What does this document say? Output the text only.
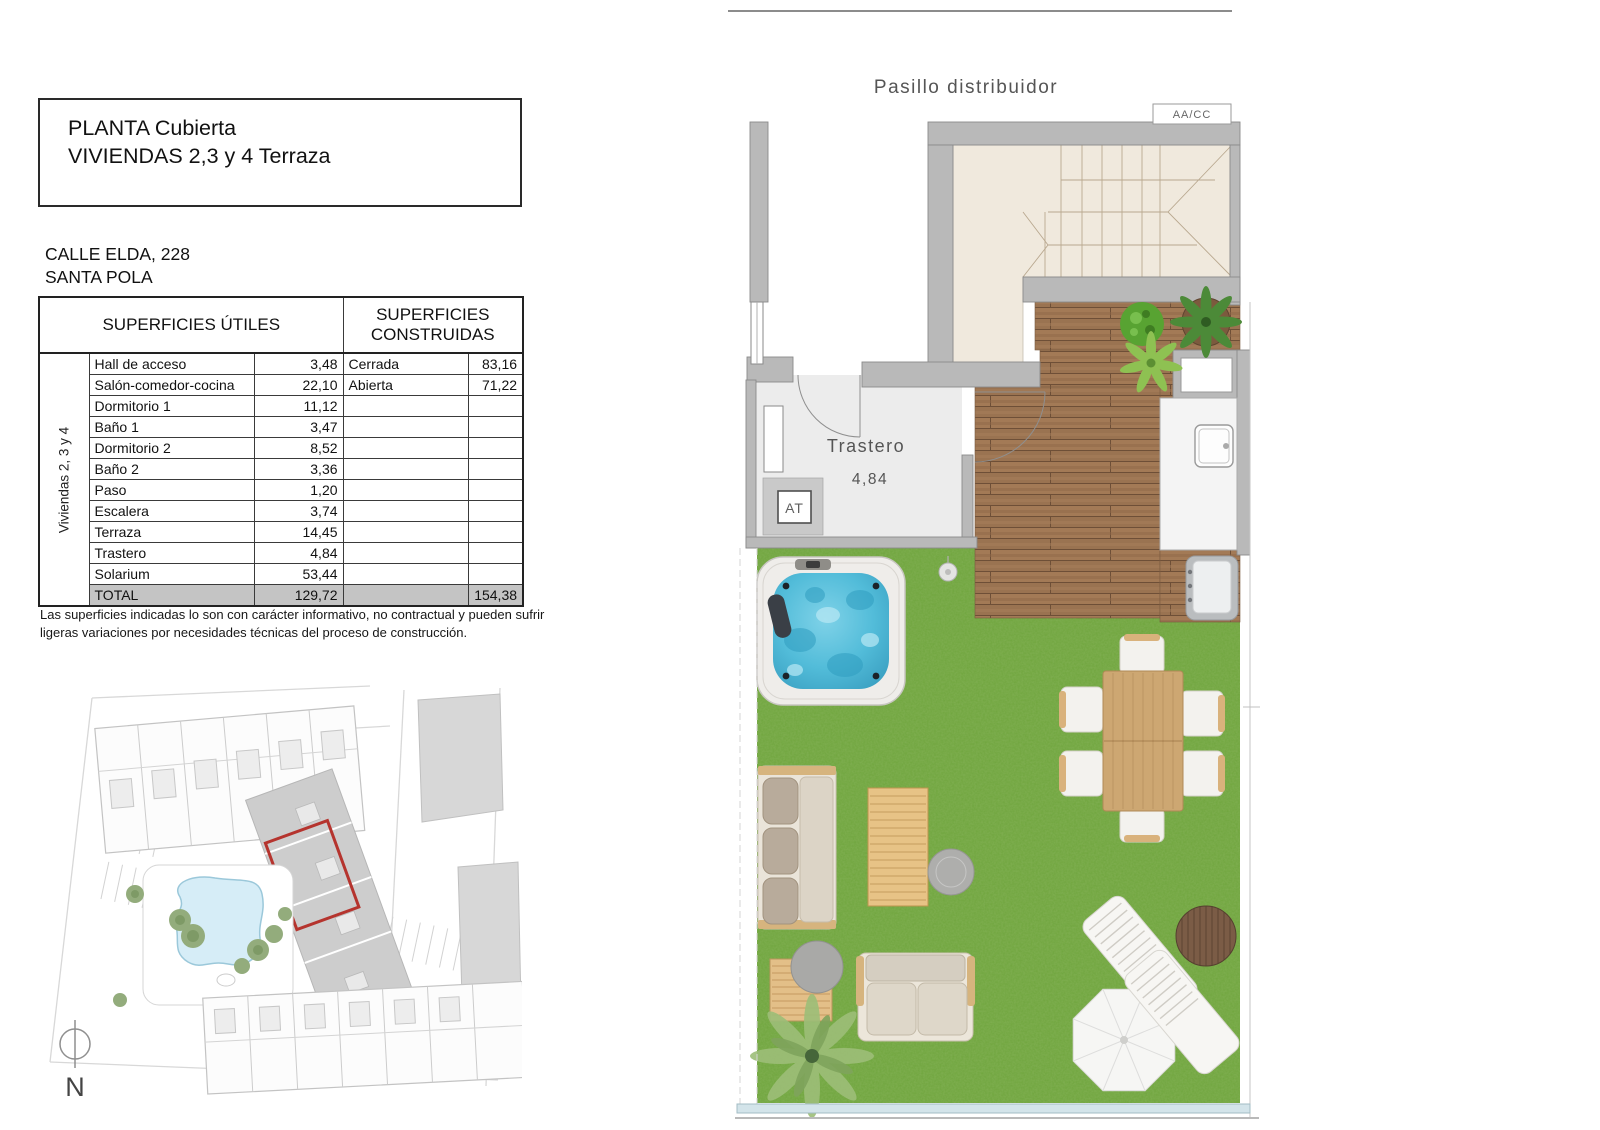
PLANTA Cubierta
VIVIENDAS 2,3 y 4 Terraza
CALLE ELDA, 228
SANTA POLA
SUPERFICIES ÚTILES			SUPERFICIES
CONSTRUIDAS	

Viviendas 2, 3 y 4	Hall de acceso	3,48	Cerrada	83,16
	Salón-comedor-cocina	22,10	Abierta	71,22
	Dormitorio 1	11,12		
	Baño 1	3,47		
	Dormitorio 2	8,52		
	Baño 2	3,36		
	Paso	1,20		
	Escalera	3,74		
	Terraza	14,45		
	Trastero	4,84		
	Solarium	53,44		
	TOTAL	129,72		154,38
Las superficies indicadas lo son con carácter informativo, no contractual y pueden sufrir
ligeras variaciones por necesidades técnicas del proceso de construcción.
N
Pasillo distribuidor
AA/CC
AT
Trastero
4,84
